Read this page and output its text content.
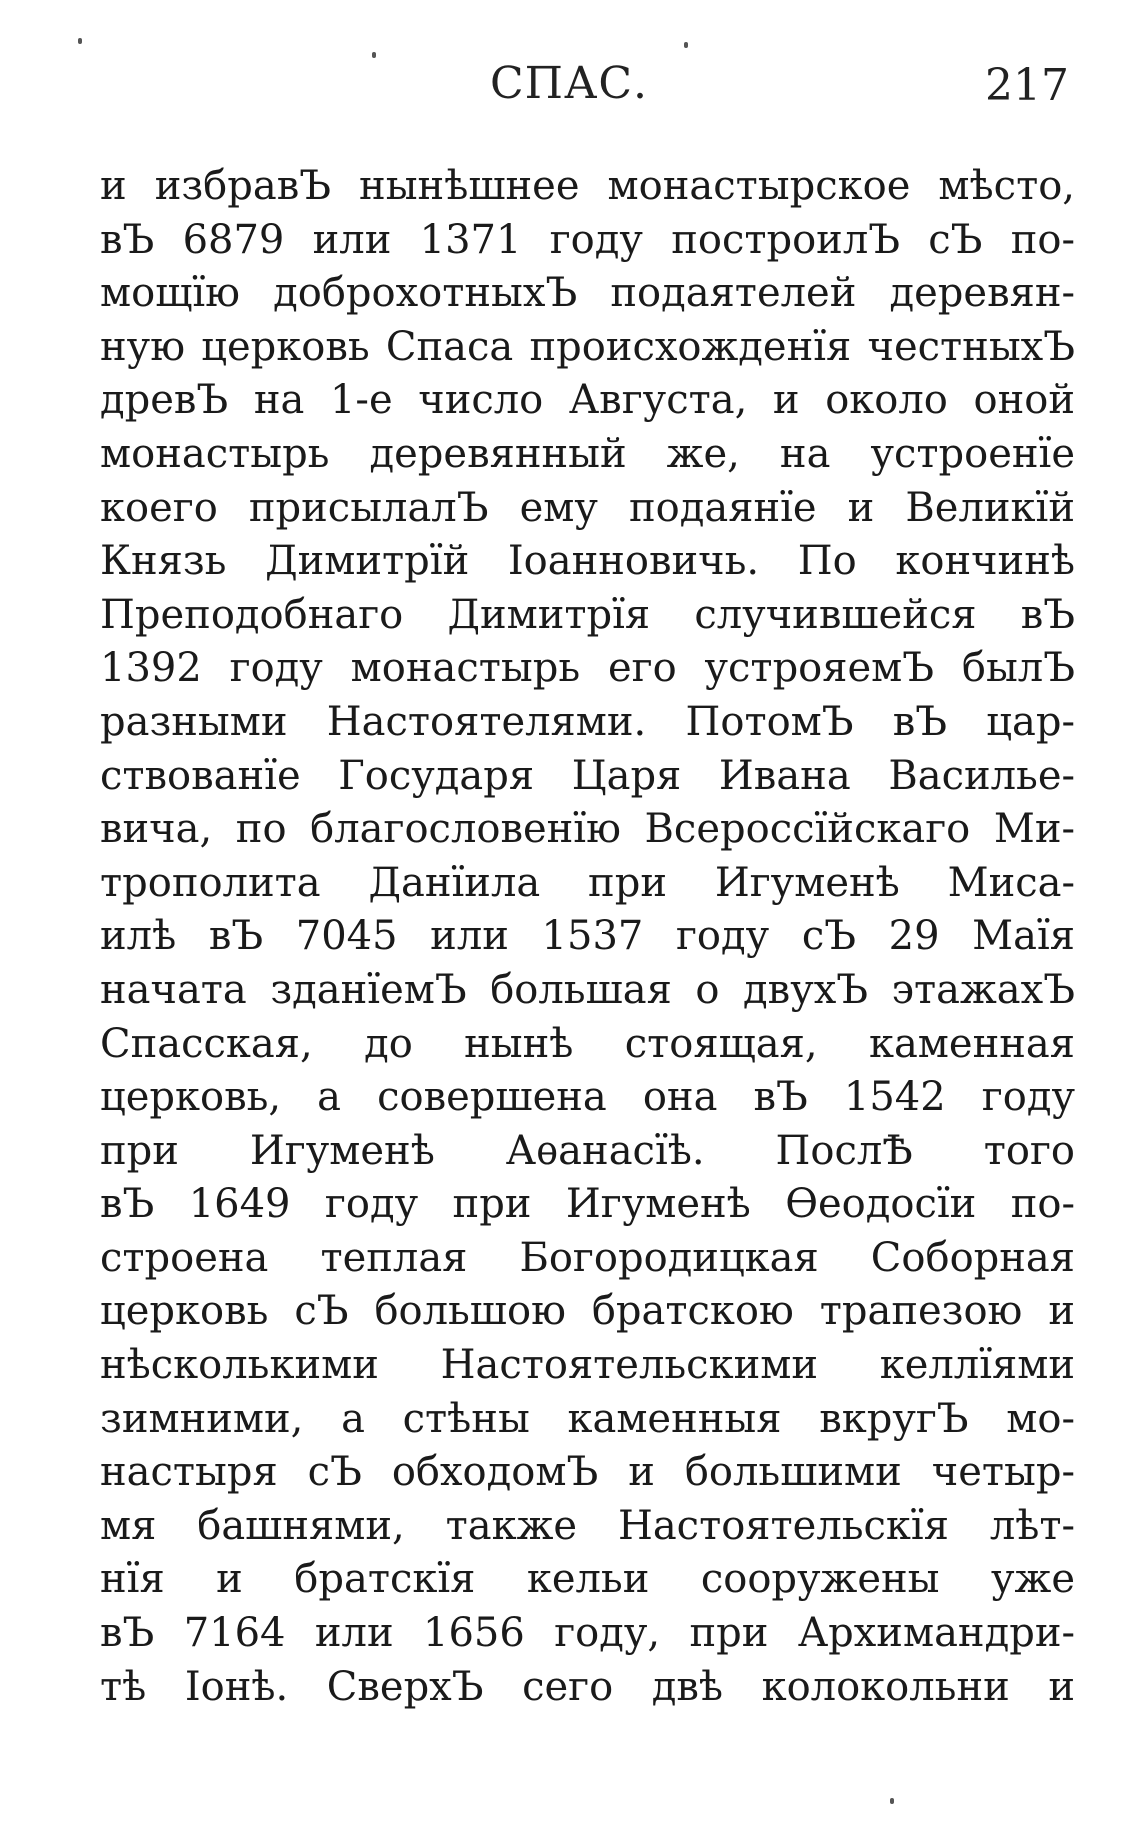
СПАС.	217
и избравЪ нынѣшнее монастырское мѣсто,
вЪ 6879 или 1371 году построилЪ сЪ по-
мощїю доброхотныхЪ подаятелей деревян-
ную церковь Спаса происхожденїя честныхЪ
древЪ на 1-е число Августа, и около оной
монастырь деревянный же, на устроенїе
коего присылалЪ ему подаянїе и Великїй
Князь Димитрїй Іоанновичь. По кончинѣ
Преподобнаго Димитрїя случившейся вЪ
1392 году монастырь его устрояемЪ былЪ
разными Настоятелями. ПотомЪ вЪ цар-
ствованїе Государя Царя Ивана Васильe-
вича, по благословенїю Всероссїйскаго Ми-
трополита Данїила при Игуменѣ Миса-
илѣ вЪ 7045 или 1537 году сЪ 29 Маїя
начата зданїемЪ большая о двухЪ этажахЪ
Спасская, до нынѣ стоящая, каменная
церковь, а совершена она вЪ 1542 году
при Игуменѣ Аѳанасїѣ. ПослѢ того
вЪ 1649 году при Игуменѣ Ѳеодосїи по-
строена теплая Богородицкая Соборная
церковь сЪ большою братскою трапезою и
нѣсколькими Настоятельскими келлїями
зимними, а стѣны каменныя вкругЪ мо-
настыря сЪ обходомЪ и большими четыр-
мя башнями, также Настоятельскїя лѣт-
нїя и братскїя кельи сооружены уже
вЪ 7164 или 1656 году, при Архимандри-
тѣ Іонѣ. СверхЪ сего двѣ колокольни и
